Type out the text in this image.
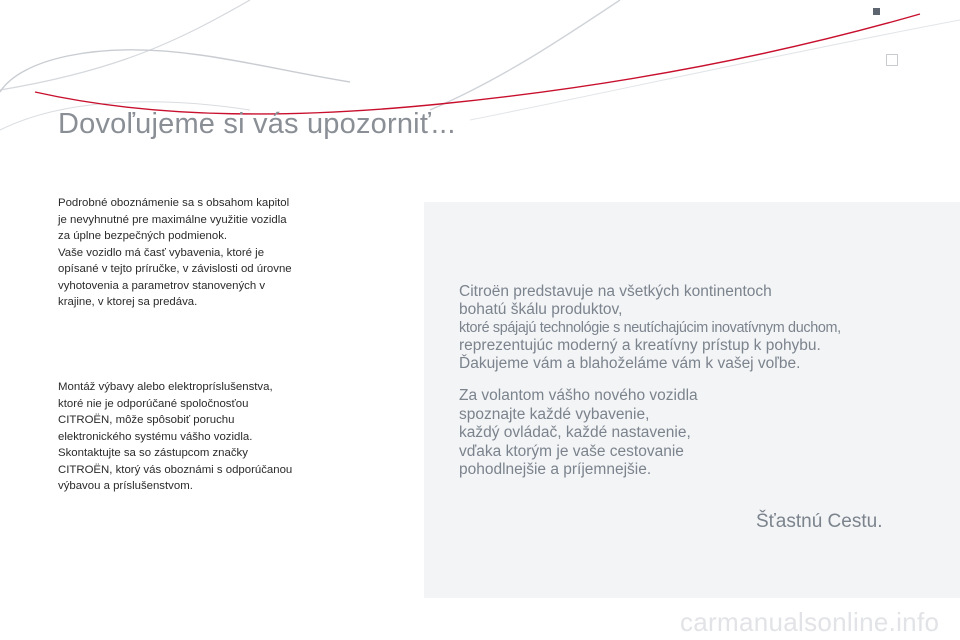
Dovoľujeme si vás upozorniť...

Podrobné oboznámenie sa s obsahom kapitol

je nevyhnutné pre maximálne využitie vozidla

za úplne bezpečných podmienok.

Vaše vozidlo má časť vybavenia, ktoré je

opísané v tejto príručke, v závislosti od úrovne

vyhotovenia a parametrov stanovených v

krajine, v ktorej sa predáva.

Montáž výbavy alebo elektropríslušenstva,

ktoré nie je odporúčané spoločnosťou

CITROËN, môže spôsobiť poruchu

elektronického systému vášho vozidla.

Skontaktujte sa so zástupcom značky

CITROËN, ktorý vás oboznámi s odporúčanou

výbavou a príslušenstvom.

Citroën predstavuje na všetkých kontinentoch

bohatú škálu produktov,

ktoré spájajú technológie s neutíchajúcim inovatívnym duchom,

reprezentujúc moderný a kreatívny prístup k pohybu.

Ďakujeme vám a blahoželáme vám k vašej voľbe.

Za volantom vášho nového vozidla

spoznajte každé vybavenie,

každý ovládač, každé nastavenie,

vďaka ktorým je vaše cestovanie

pohodlnejšie a príjemnejšie.

Šťastnú Cestu.

carmanualsonline.info
